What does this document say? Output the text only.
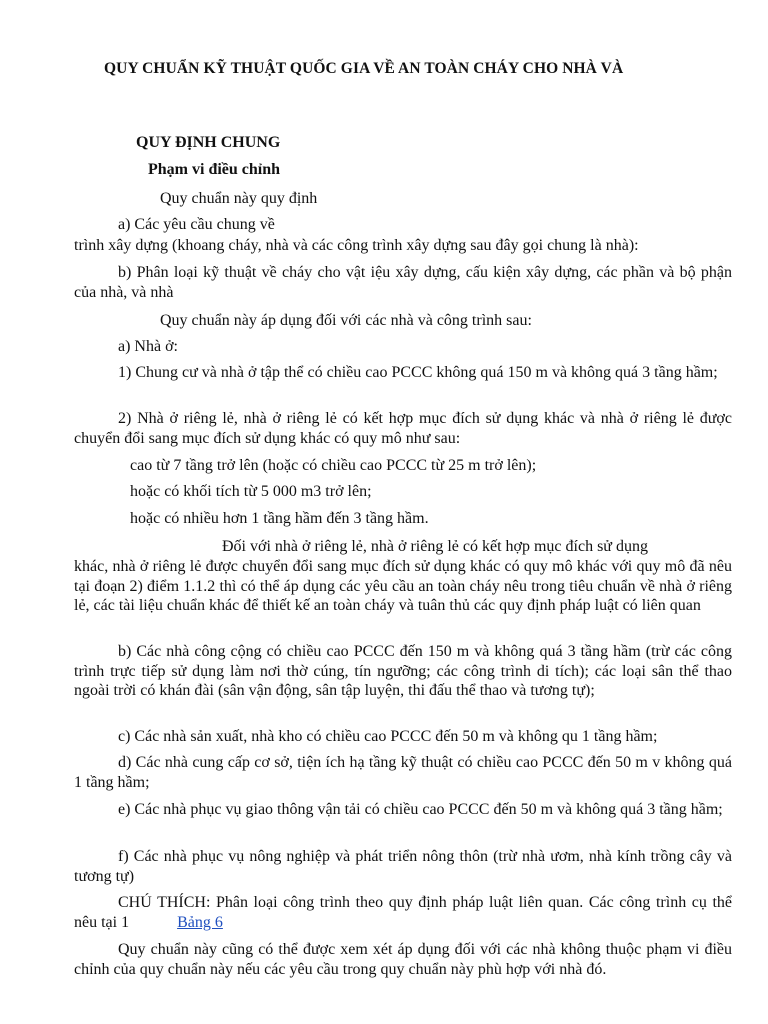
QUY CHUẨN KỸ THUẬT QUỐC GIA VỀ AN TOÀN CHÁY CHO NHÀ VÀ
QUY ĐỊNH CHUNG
Phạm vi điều chỉnh
Quy chuẩn này quy định
a) Các yêu cầu chung về
trình xây dựng (khoang cháy, nhà và các công trình xây dựng sau đây gọi chung là nhà):
b) Phân loại kỹ thuật về cháy cho vật iệu xây dựng, cấu kiện xây dựng, các phần và bộ phận của nhà, và nhà
Quy chuẩn này áp dụng đối với các nhà và công trình sau:
a) Nhà ở:
1) Chung cư và nhà ở tập thể có chiều cao PCCC không quá 150 m và không quá 3 tầng hầm;
2) Nhà ở riêng lẻ, nhà ở riêng lẻ có kết hợp mục đích sử dụng khác và nhà ở riêng lẻ được chuyển đổi sang mục đích sử dụng khác có quy mô như sau:
cao từ 7 tầng trở lên (hoặc có chiều cao PCCC từ 25 m trở lên);
hoặc có khối tích từ 5 000 m3 trở lên;
hoặc có nhiều hơn 1 tầng hầm đến 3 tầng hầm.
Đối với nhà ở riêng lẻ, nhà ở riêng lẻ có kết hợp mục đích sử dụng
khác, nhà ở riêng lẻ được chuyển đổi sang mục đích sử dụng khác có quy mô khác với quy mô đã nêu tại đoạn 2) điểm 1.1.2 thì có thể áp dụng các yêu cầu an toàn cháy nêu trong tiêu chuẩn về nhà ở riêng lẻ, các tài liệu chuẩn khác để thiết kế an toàn cháy và tuân thủ các quy định pháp luật có liên quan
b) Các nhà công cộng có chiều cao PCCC đến 150 m và không quá 3 tầng hầm (trừ các công trình trực tiếp sử dụng làm nơi thờ cúng, tín ngưỡng; các công trình di tích); các loại sân thể thao ngoài trời có khán đài (sân vận động, sân tập luyện, thi đấu thể thao và tương tự);
c) Các nhà sản xuất, nhà kho có chiều cao PCCC đến 50 m và không qu 1 tầng hầm;
d) Các nhà cung cấp cơ sở, tiện ích hạ tầng kỹ thuật có chiều cao PCCC đến 50 m v không quá 1 tầng hầm;
e) Các nhà phục vụ giao thông vận tải có chiều cao PCCC đến 50 m và không quá 3 tầng hầm;
f) Các nhà phục vụ nông nghiệp và phát triển nông thôn (trừ nhà ươm, nhà kính trồng cây và tương tự)
CHÚ THÍCH: Phân loại công trình theo quy định pháp luật liên quan. Các công trình cụ thể nêu tại 1	Bảng 6
Quy chuẩn này cũng có thể được xem xét áp dụng đối với các nhà không thuộc phạm vi điều chỉnh của quy chuẩn này nếu các yêu cầu trong quy chuẩn này phù hợp với nhà đó.
